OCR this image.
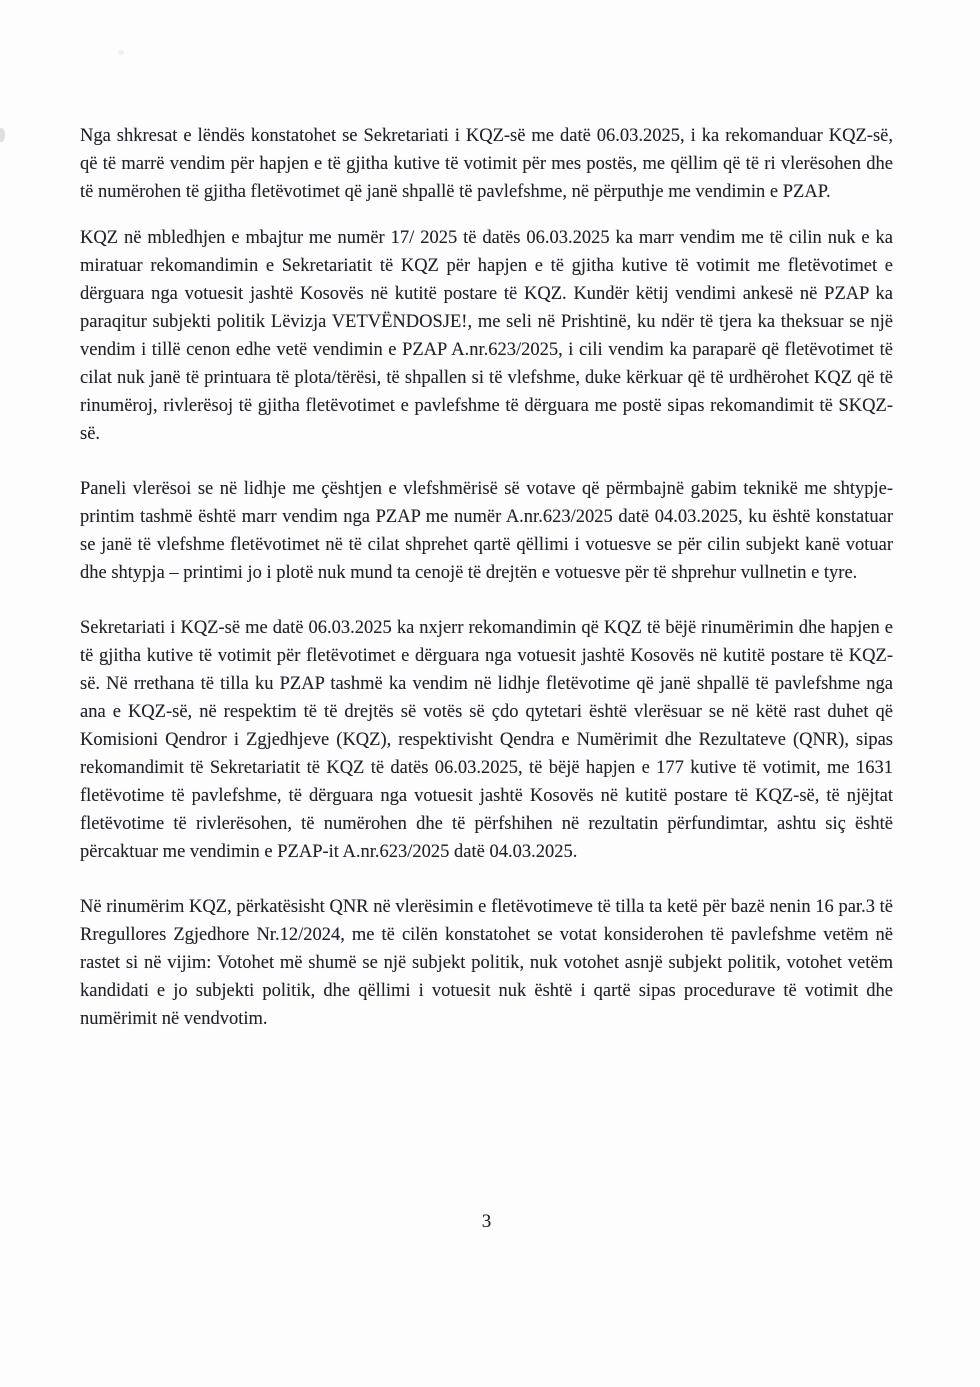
Nga shkresat e lëndës konstatohet se Sekretariati i KQZ-së me datë 06.03.2025, i ka rekomanduar KQZ-së, që të marrë vendim për hapjen e të gjitha kutive të votimit për mes postës, me qëllim që të ri vlerësohen dhe të numërohen të gjitha fletëvotimet që janë shpallë të pavlefshme, në përputhje me vendimin e PZAP.

KQZ në mbledhjen e mbajtur me numër 17/ 2025 të datës 06.03.2025 ka marr vendim me të cilin nuk e ka miratuar rekomandimin e Sekretariatit të KQZ për hapjen e të gjitha kutive të votimit me fletëvotimet e dërguara nga votuesit jashtë Kosovës në kutitë postare të KQZ. Kundër këtij vendimi ankesë në PZAP ka paraqitur subjekti politik Lëvizja VETVËNDOSJE!, me seli në Prishtinë, ku ndër të tjera ka theksuar se një vendim i tillë cenon edhe vetë vendimin e PZAP A.nr.623/2025, i cili vendim ka paraparë që fletëvotimet të cilat nuk janë të printuara të plota/tërësi, të shpallen si të vlefshme, duke kërkuar që të urdhërohet KQZ që të rinumëroj, rivlerësoj të gjitha fletëvotimet e pavlefshme të dërguara me postë sipas rekomandimit të SKQZ-së.

Paneli vlerësoi se në lidhje me çështjen e vlefshmërisë së votave që përmbajnë gabim teknikë me shtypje-printim tashmë është marr vendim nga PZAP me numër A.nr.623/2025 datë 04.03.2025, ku është konstatuar se janë të vlefshme fletëvotimet në të cilat shprehet qartë qëllimi i votuesve se për cilin subjekt kanë votuar dhe shtypja – printimi jo i plotë nuk mund ta cenojë të drejtën e votuesve për të shprehur vullnetin e tyre.

Sekretariati i KQZ-së me datë 06.03.2025 ka nxjerr rekomandimin që KQZ të bëjë rinumërimin dhe hapjen e të gjitha kutive të votimit për fletëvotimet e dërguara nga votuesit jashtë Kosovës në kutitë postare të KQZ-së. Në rrethana të tilla ku PZAP tashmë ka vendim në lidhje fletëvotime që janë shpallë të pavlefshme nga ana e KQZ-së, në respektim të të drejtës së votës së çdo qytetari është vlerësuar se në këtë rast duhet që Komisioni Qendror i Zgjedhjeve (KQZ), respektivisht Qendra e Numërimit dhe Rezultateve (QNR), sipas rekomandimit të Sekretariatit të KQZ të datës 06.03.2025, të bëjë hapjen e 177 kutive të votimit, me 1631 fletëvotime të pavlefshme, të dërguara nga votuesit jashtë Kosovës në kutitë postare të KQZ-së, të njëjtat fletëvotime të rivlerësohen, të numërohen dhe të përfshihen në rezultatin përfundimtar, ashtu siç është përcaktuar me vendimin e PZAP-it A.nr.623/2025 datë 04.03.2025.

Në rinumërim KQZ, përkatësisht QNR në vlerësimin e fletëvotimeve të tilla ta ketë për bazë nenin 16 par.3 të Rregullores Zgjedhore Nr.12/2024, me të cilën konstatohet se votat konsiderohen të pavlefshme vetëm në rastet si në vijim: Votohet më shumë se një subjekt politik, nuk votohet asnjë subjekt politik, votohet vetëm kandidati e jo subjekti politik, dhe qëllimi i votuesit nuk është i qartë sipas procedurave të votimit dhe numërimit në vendvotim.

3
